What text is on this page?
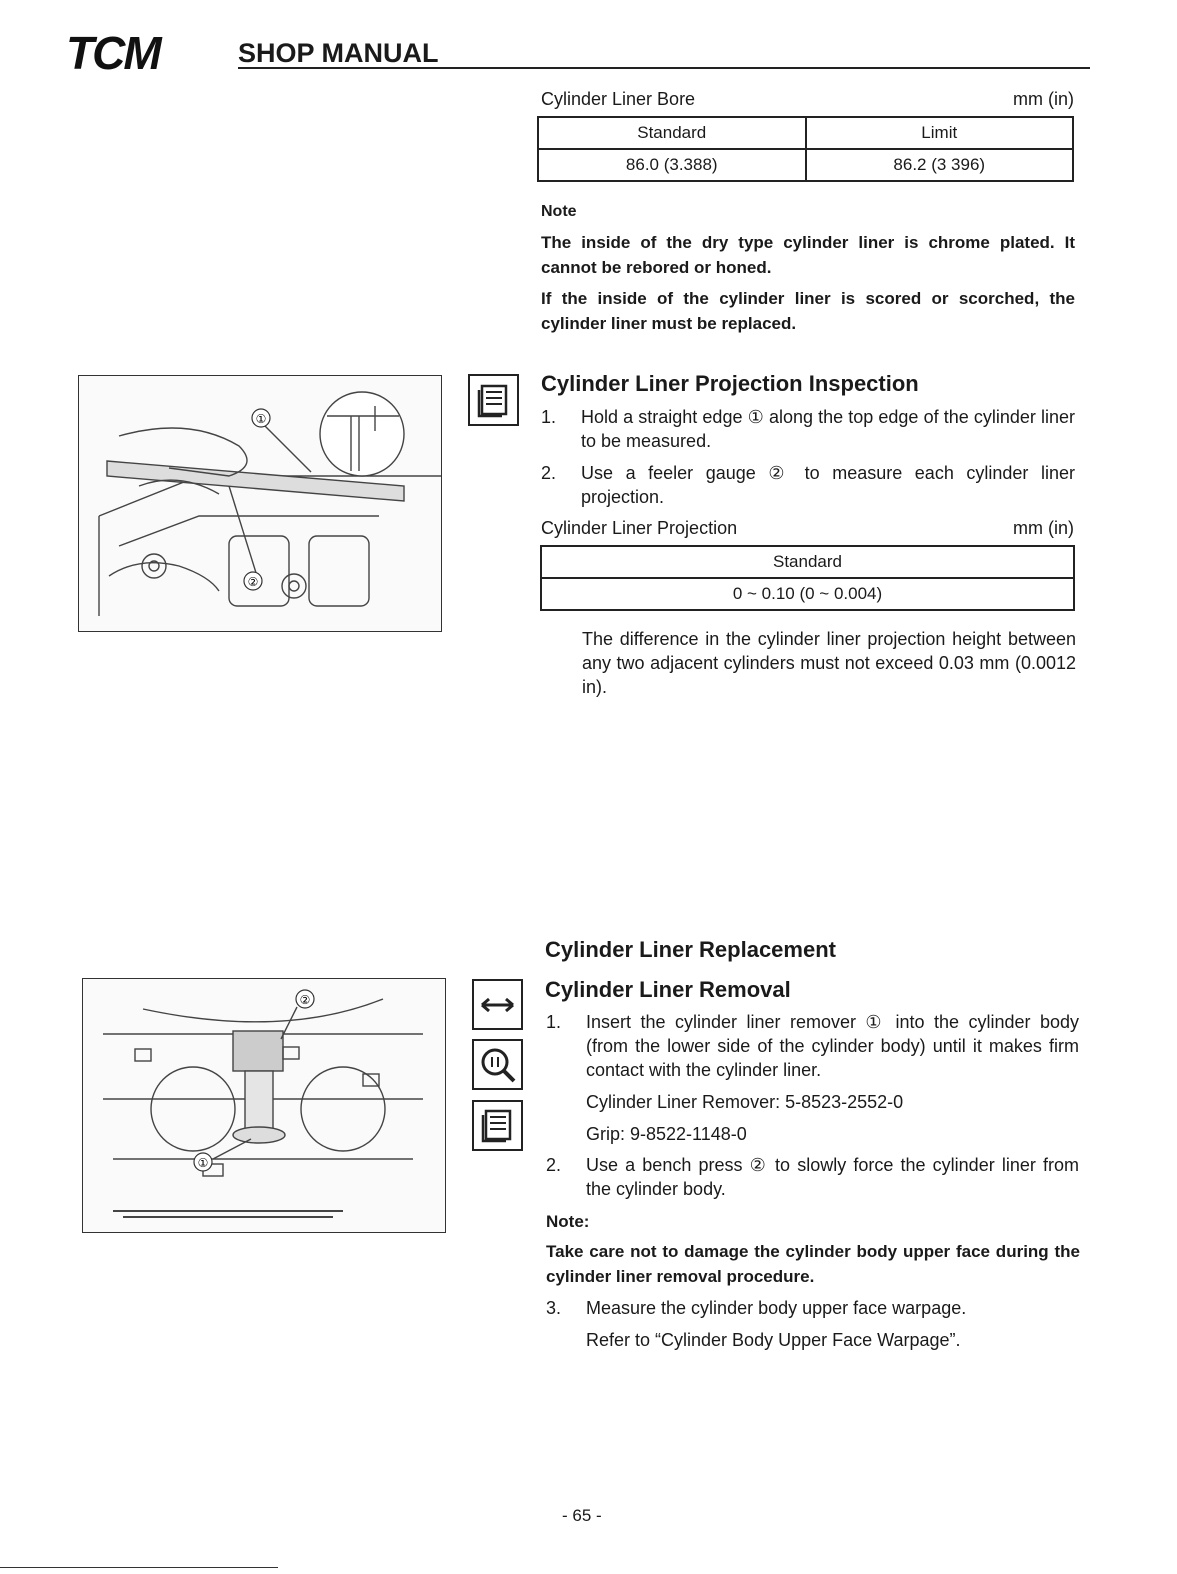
TCM	SHOP MANUAL
Cylinder Liner Bore	mm (in)
Standard	Limit
86.0 (3.388)	86.2 (3 396)
Note
The inside of the dry type cylinder liner is chrome plated. It cannot be rebored or honed.
If the inside of the cylinder liner is scored or scorched, the cylinder liner must be replaced.
①
②
Cylinder Liner Projection Inspection
1. Hold a straight edge ① along the top edge of the cylinder liner to be measured.
2. Use a feeler gauge ② to measure each cylinder liner projection.
Cylinder Liner Projection	mm (in)
Standard
0 ~ 0.10 (0 ~ 0.004)
The difference in the cylinder liner projection height between any two adjacent cylinders must not exceed 0.03 mm (0.0012 in).
Cylinder Liner Replacement
Cylinder Liner Removal
②
①
1. Insert the cylinder liner remover ① into the cylinder body (from the lower side of the cylinder body) until it makes firm contact with the cylinder liner.
Cylinder Liner Remover: 5-8523-2552-0
Grip: 9-8522-1148-0
2. Use a bench press ② to slowly force the cylinder liner from the cylinder body.
Note:
Take care not to damage the cylinder body upper face during the cylinder liner removal procedure.
3. Measure the cylinder body upper face warpage.
Refer to “Cylinder Body Upper Face Warpage”.
- 65 -
